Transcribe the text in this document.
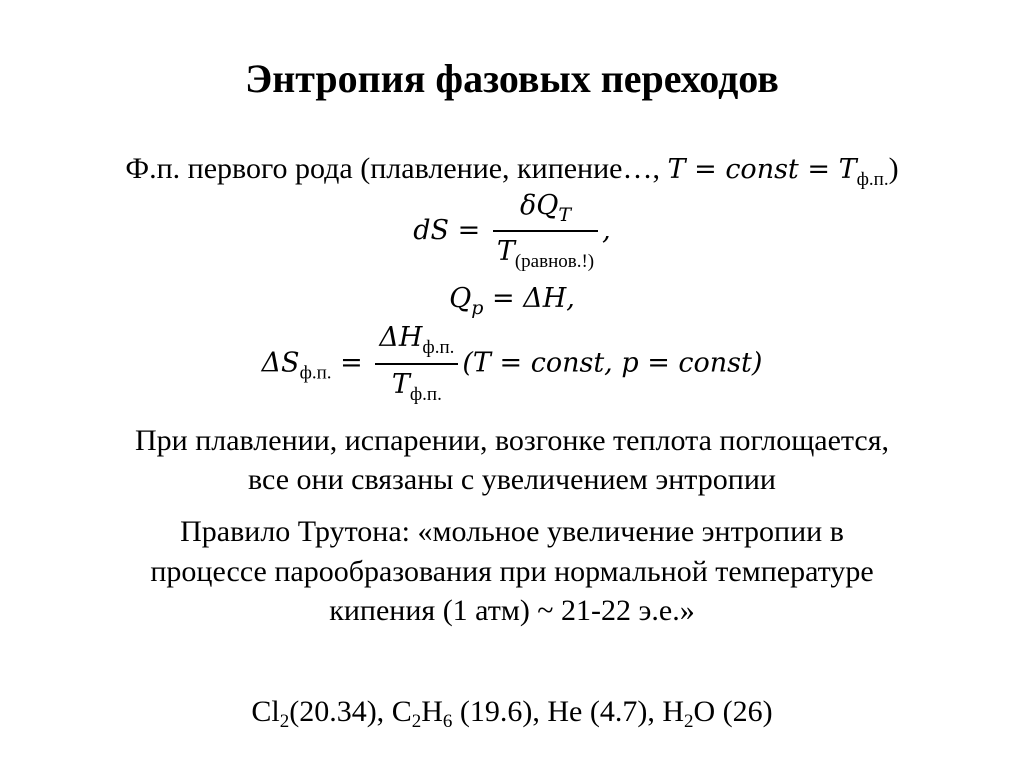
Энтропия фазовых переходов
Ф.п. первого рода (плавление, кипение…, T = const = $T_{ф.п.}$)
dS = $\frac{\delta Q_T}{T_{(равнов.!)}}$ ,
$Q_p = \Delta H$,
$\Delta S_{ф.п.} = \frac{\Delta H_{ф.п.}}{T_{ф.п.}} (T$ = const, p = const)
При плавлении, испарении, возгонке теплота поглощается,
все они связаны с увеличением энтропии
Правило Трутона: «мольное увеличение энтропии в
процессе парообразования при нормальной температуре
кипения (1 атм) ~ 21-22 э.е.»
$Cl_2(20.34)$, $C_2H_6$ (19.6), He (4.7), $H_2O$ (26)
